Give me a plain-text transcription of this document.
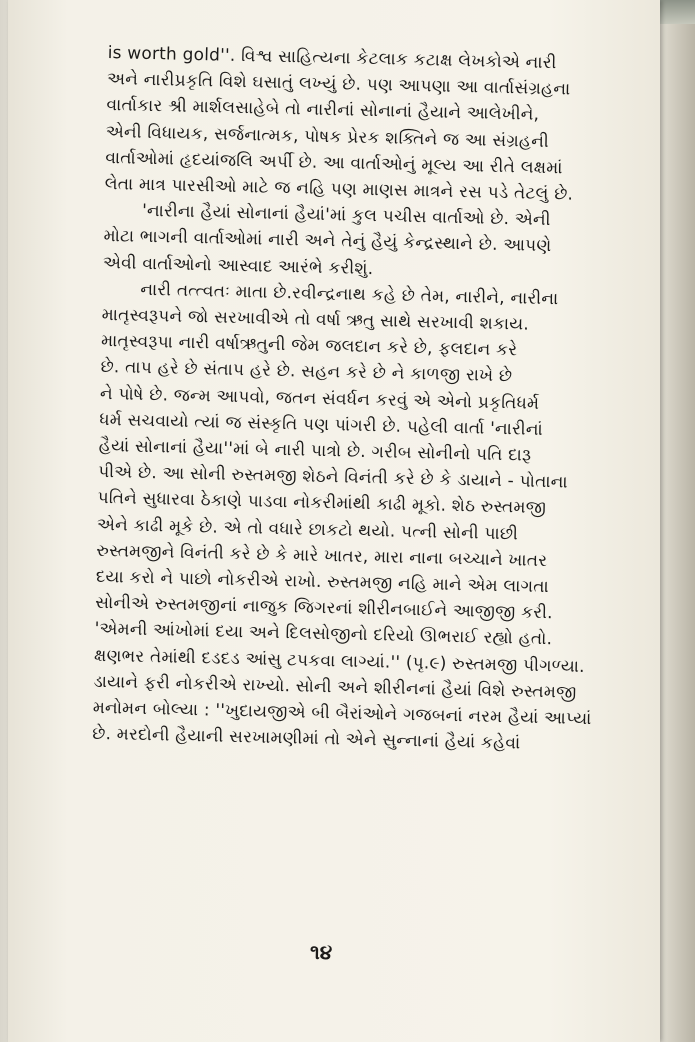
is worth gold''. વિશ્વ સાહિત્યના કેટલાક કટાક્ષ લેખકોએ નારી
અને નારીપ્રકૃતિ વિશે ઘસાતું લખ્યું છે. પણ આપણા આ વાર્તાસંગ્રહના
વાર્તાકાર શ્રી માર્શલસાહેબે તો નારીનાં સોનાનાં હૈયાને આલેખીને,
એની વિધાયક, સર્જનાત્મક, પોષક પ્રેરક શક્તિને જ આ સંગ્રહની
વાર્તાઓમાં હૃદયાંજલિ અર્પી છે. આ વાર્તાઓનું મૂલ્ય આ રીતે લક્ષમાં
લેતા માત્ર પારસીઓ માટે જ નહિ પણ માણસ માત્રને રસ પડે તેટલું છે.
'નારીના હૈયાં સોનાનાં હૈયાં'માં કુલ પચીસ વાર્તાઓ છે. એની
મોટા ભાગની વાર્તાઓમાં નારી અને તેનું હૈયું કેન્દ્રસ્થાને છે. આપણે
એવી વાર્તાઓનો આસ્વાદ આરંભે કરીશું.
નારી તત્ત્વતઃ માતા છે.રવીન્દ્રનાથ કહે છે તેમ, નારીને, નારીના
માતૃસ્વરૂપને જો સરખાવીએ તો વર્ષા ઋતુ સાથે સરખાવી શકાય.
માતૃસ્વરૂપા નારી વર્ષાઋતુની જેમ જલદાન કરે છે, ફલદાન કરે
છે. તાપ હરે છે સંતાપ હરે છે. સહન કરે છે ને કાળજી રાખે છે
ને પોષે છે. જન્મ આપવો, જતન સંવર્ધન કરવું એ એનો પ્રકૃતિધર્મ
ધર્મ સચવાયો ત્યાં જ સંસ્કૃતિ પણ પાંગરી છે. પહેલી વાર્તા 'નારીનાં
હૈયાં સોનાનાં હૈયા''માં બે નારી પાત્રો છે. ગરીબ સોનીનો પતિ દારૂ
પીએ છે. આ સોની રુસ્તમજી શેઠને વિનંતી કરે છે કે ડાયાને - પોતાના
પતિને સુધારવા ઠેકાણે પાડવા નોકરીમાંથી કાઢી મૂકો. શેઠ રુસ્તમજી
એને કાઢી મૂકે છે. એ તો વધારે છાકટો થયો. પત્ની સોની પાછી
રુસ્તમજીને વિનંતી કરે છે કે મારે ખાતર, મારા નાના બચ્ચાને ખાતર
દયા કરો ને પાછો નોકરીએ રાખો. રુસ્તમજી નહિ માને એમ લાગતા
સોનીએ રુસ્તમજીનાં નાજુક જિગરનાં શીરીનબાઈને આજીજી કરી.
'એમની આંખોમાં દયા અને દિલસોજીનો દરિયો ઊભરાઈ રહ્યો હતો.
ક્ષણભર તેમાંથી દડદડ આંસુ ટપકવા લાગ્યાં.'' (પૃ.૯) રુસ્તમજી પીગળ્યા.
ડાયાને ફરી નોકરીએ રાખ્યો. સોની અને શીરીનનાં હૈયાં વિશે રુસ્તમજી
મનોમન બોલ્યા : ''ખુદાયજીએ બી બૈરાંઓને ગજબનાં નરમ હૈયાં આપ્યાં
છે. મરદોની હૈયાની સરખામણીમાં તો એને સુન્નાનાં હૈયાં કહેવાં
૧૪
